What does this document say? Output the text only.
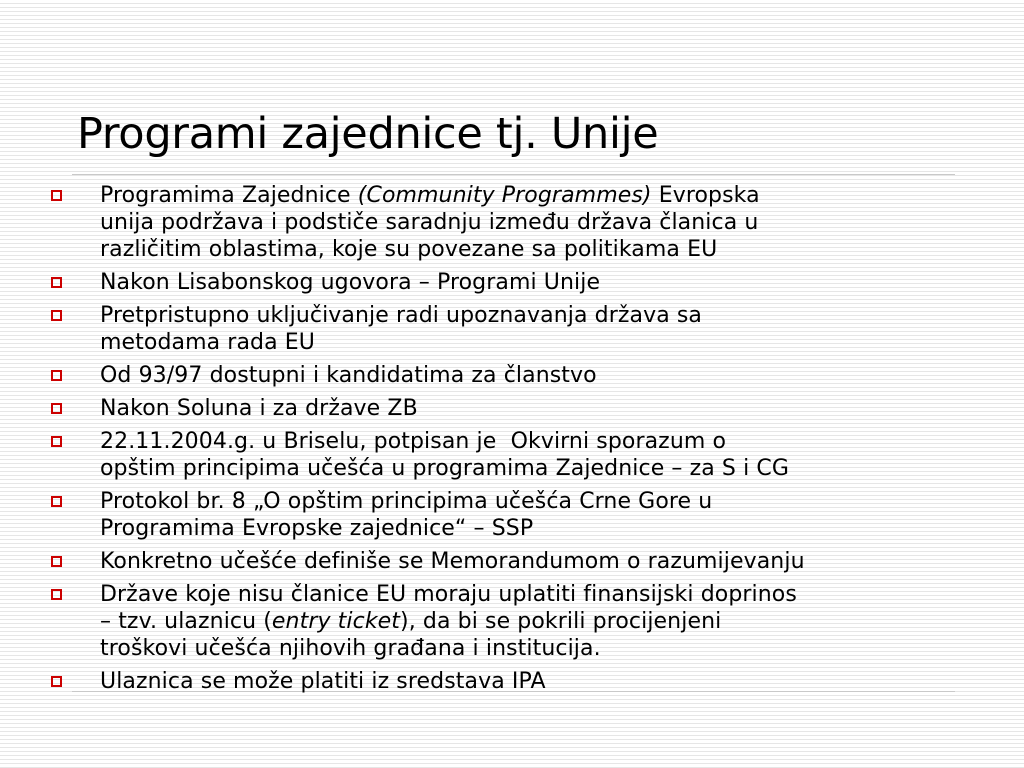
Programi zajednice tj. Unije
Programima Zajednice (Community Programmes) Evropska
unija podržava i podstiče saradnju između država članica u
različitim oblastima, koje su povezane sa politikama EU
Nakon Lisabonskog ugovora – Programi Unije
Pretpristupno uključivanje radi upoznavanja država sa
metodama rada EU
Od 93/97 dostupni i kandidatima za članstvo
Nakon Soluna i za države ZB
22.11.2004.g. u Briselu, potpisan je  Okvirni sporazum o
opštim principima učešća u programima Zajednice – za S i CG
Protokol br. 8 „O opštim principima učešća Crne Gore u
Programima Evropske zajednice“ – SSP
Konkretno učešće definiše se Memorandumom o razumijevanju
Države koje nisu članice EU moraju uplatiti finansijski doprinos
– tzv. ulaznicu (entry ticket), da bi se pokrili procijenjeni
troškovi učešća njihovih građana i institucija.
Ulaznica se može platiti iz sredstava IPA
